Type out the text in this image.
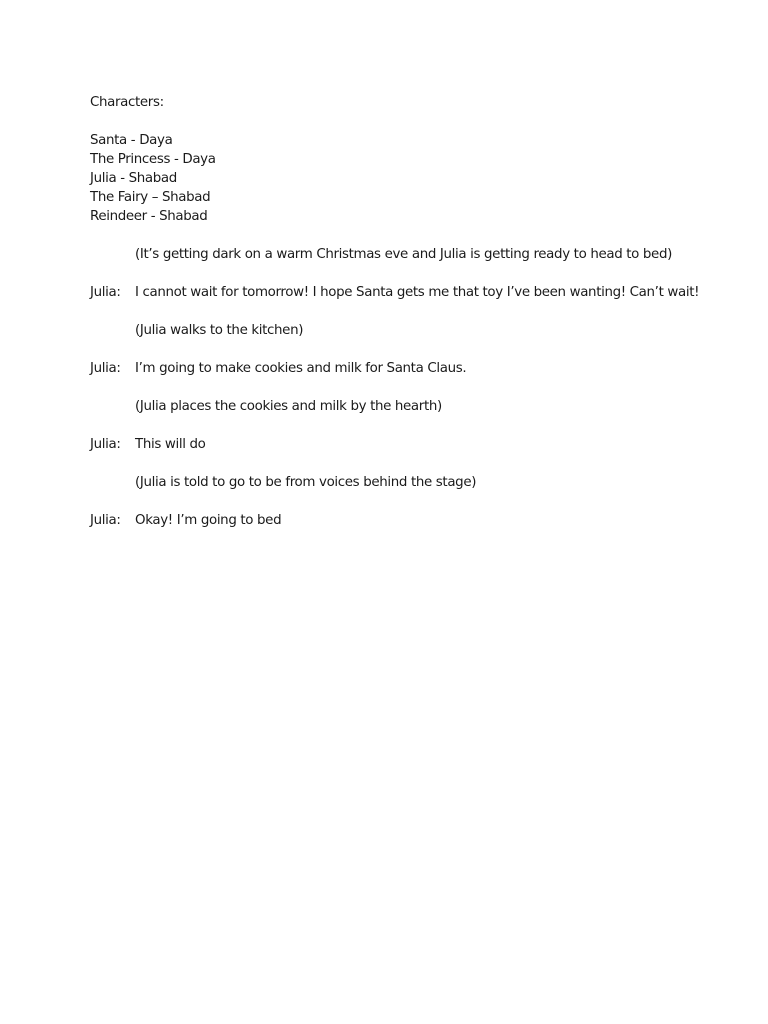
Characters:
Santa - Daya
The Princess - Daya
Julia - Shabad
The Fairy – Shabad
Reindeer - Shabad
(It’s getting dark on a warm Christmas eve and Julia is getting ready to head to bed)
Julia: I cannot wait for tomorrow! I hope Santa gets me that toy I’ve been wanting! Can’t wait!
(Julia walks to the kitchen)
Julia: I’m going to make cookies and milk for Santa Claus.
(Julia places the cookies and milk by the hearth)
Julia: This will do
(Julia is told to go to be from voices behind the stage)
Julia: Okay! I’m going to bed
